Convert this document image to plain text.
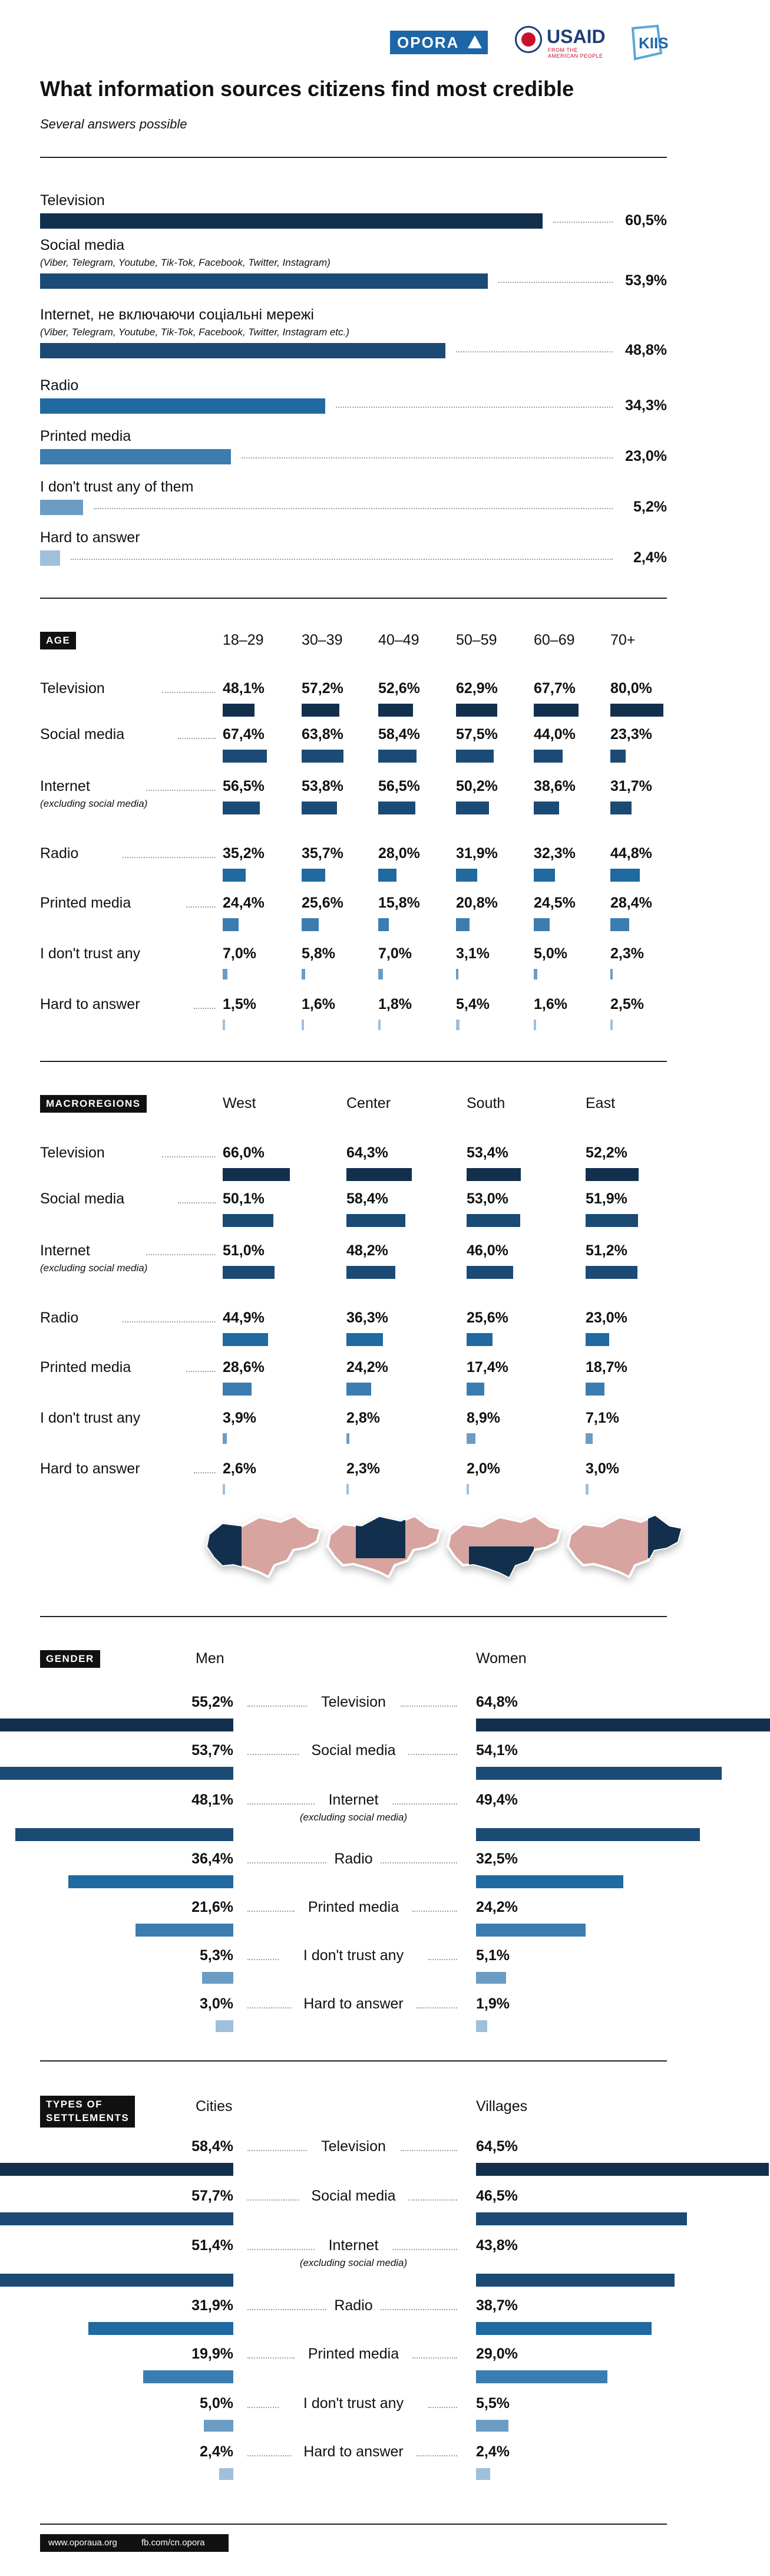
OPORA	USAID
FROM THE AMERICAN PEOPLE
KIIS
What information sources citizens find most credible
Several answers possible
Television
60,5%
Social media
(Viber, Telegram, Youtube, Tik-Tok, Facebook, Twitter, Instagram)
53,9%
Internet, не включаючи соціальні мережі
(Viber, Telegram, Youtube, Tik-Tok, Facebook, Twitter, Instagram etc.)
48,8%
Radio
34,3%
Printed media
23,0%
I don't trust any of them
5,2%
Hard to answer
2,4%
AGE	18–29	30–39 40–49 50–59 60–69 70+
Television	48,1%	57,2% 52,6% 62,9% 67,7% 80,0%
Social media	67,4%	63,8% 58,4% 57,5% 44,0% 23,3%
Internet
(excluding social media)
56,5%	53,8% 56,5% 50,2% 38,6% 31,7%
Radio	35,2%	35,7% 28,0% 31,9% 32,3% 44,8%
Printed media	24,4%	25,6% 15,8% 20,8% 24,5% 28,4%
I don't trust any	7,0%	5,8%	7,0%	3,1%	5,0%	2,3%
Hard to answer	1,5%	1,6%	1,8%	5,4%	1,6%	2,5%
MACROREGIONS	West	Center	South	East
Television	66,0%	64,3%	53,4%	52,2%
Social media	50,1%	58,4%	53,0%	51,9%
Internet
(excluding social media)
51,0%	48,2%	46,0%	51,2%
Radio	44,9%	36,3%	25,6%	23,0%
Printed media	28,6%	24,2%	17,4%	18,7%
I don't trust any	3,9%	2,8%	8,9%	7,1%
Hard to answer	2,6%	2,3%	2,0%	3,0%
GENDER	Men	Women
55,2%	64,8%
Television
53,7%	54,1%
Social media
48,1%	49,4%
Internet
(excluding social media)
36,4%	32,5%
Radio
21,6%	24,2%
Printed media
5,3%	5,1%
I don't trust any
3,0%	1,9%
Hard to answer
TYPES OF
SETTLEMENTS
Cities	Villages
58,4%	64,5%
Television
57,7%	46,5%
Social media
51,4%	43,8%
Internet
(excluding social media)
31,9%	38,7%
Radio
19,9%	29,0%
Printed media
5,0%	5,5%
I don't trust any
2,4%	2,4%
Hard to answer
www.oporaua.org	fb.com/cn.opora
